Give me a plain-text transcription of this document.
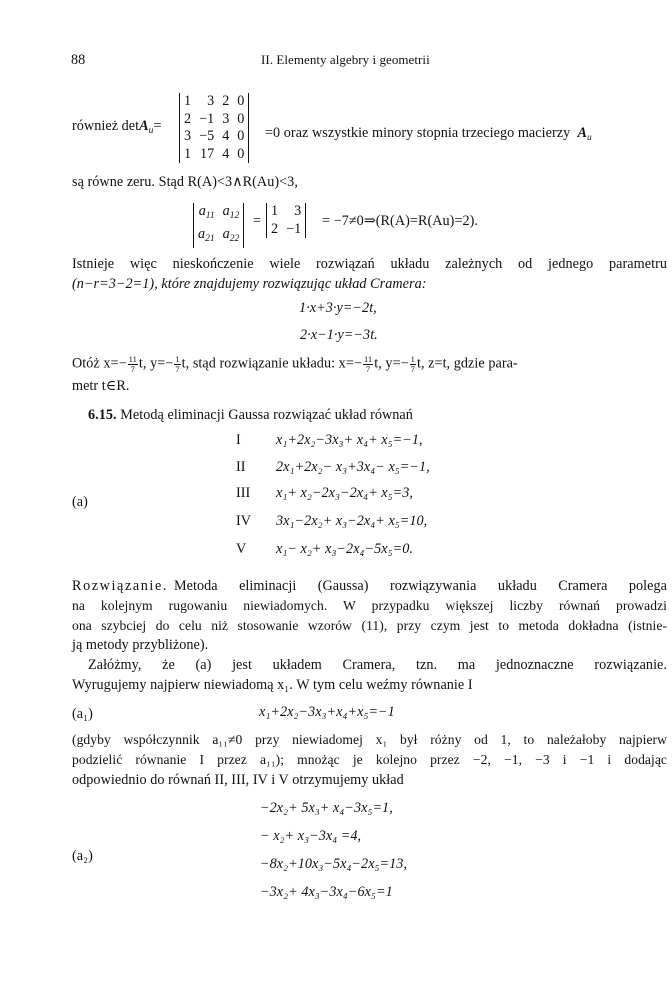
88	II. Elementy algebry i geometrii
również detA$_u$=
1	3	2	0
2	−1	3	0
3	−5	4	0
1	17	4	0
=0 oraz wszystkie minory stopnia trzeciego macierzy $A_u$
są równe zeru. Stąd R(A)<3∧R(Au)<3,
$a_{11}$	$a_{12}$
$a_{21}$	$a_{22}$
=
1	3
2	−1 = −7≠0⇒(R(A)=R(Au)=2).
Istnieje więc nieskończenie wiele rozwiązań układu zależnych od jednego parametru
(n−r=3−2=1), które znajdujemy rozwiązując układ Cramera:
1·x+3·y=−2t,
2·x−1·y=−3t.
Otóż $x=- \frac{11}{7} t$, $y=- \frac{1}{7} t$, stąd rozwiązanie układu: $x=- \frac{11}{7} t$, $y=- \frac{1}{7} t$, z=t, gdzie para-
metr t∈R.
6.15. Metodą eliminacji Gaussa rozwiązać układ równań
(a)
I x₁+2x₂−3x₃+ x₄+ x₅=−1,
II 2x₁+2x₂− x₃+3x₄− x₅=−1,
III x₁+ x₂−2x₃−2x₄+ x₅=3,
IV 3x₁−2x₂+ x₃−2x₄+ x₅=10,
V x₁− x₂+ x₃−2x₄−5x₅=0.
Rozwiązanie. Metoda eliminacji (Gaussa) rozwiązywania układu Cramera polega
na kolejnym rugowaniu niewiadomych. W przypadku większej liczby równań prowadzi
ona szybciej do celu niż stosowanie wzorów (11), przy czym jest to metoda dokładna (istnie-
ją metody przybliżone).
Załóżmy, że (a) jest układem Cramera, tzn. ma jednoznaczne rozwiązanie.
Wyrugujemy najpierw niewiadomą x₁. W tym celu weźmy równanie I
(a₁)	x₁+2x₂−3x₃+x₄+x₅=−1
(gdyby współczynnik a₁₁≠0 przy niewiadomej x₁ był różny od 1, to należałoby najpierw
podzielić równanie I przez a₁₁); mnożąc je kolejno przez −2, −1, −3 i −1 i dodając
odpowiednio do równań II, III, IV i V otrzymujemy układ
(a₂)
−2x₂+ 5x₃+ x₄−3x₅=1,
− x₂+ x₃−3x₄ =4,
−8x₂+10x₃−5x₄−2x₅=13,
−3x₂+ 4x₃−3x₄−6x₅=1
